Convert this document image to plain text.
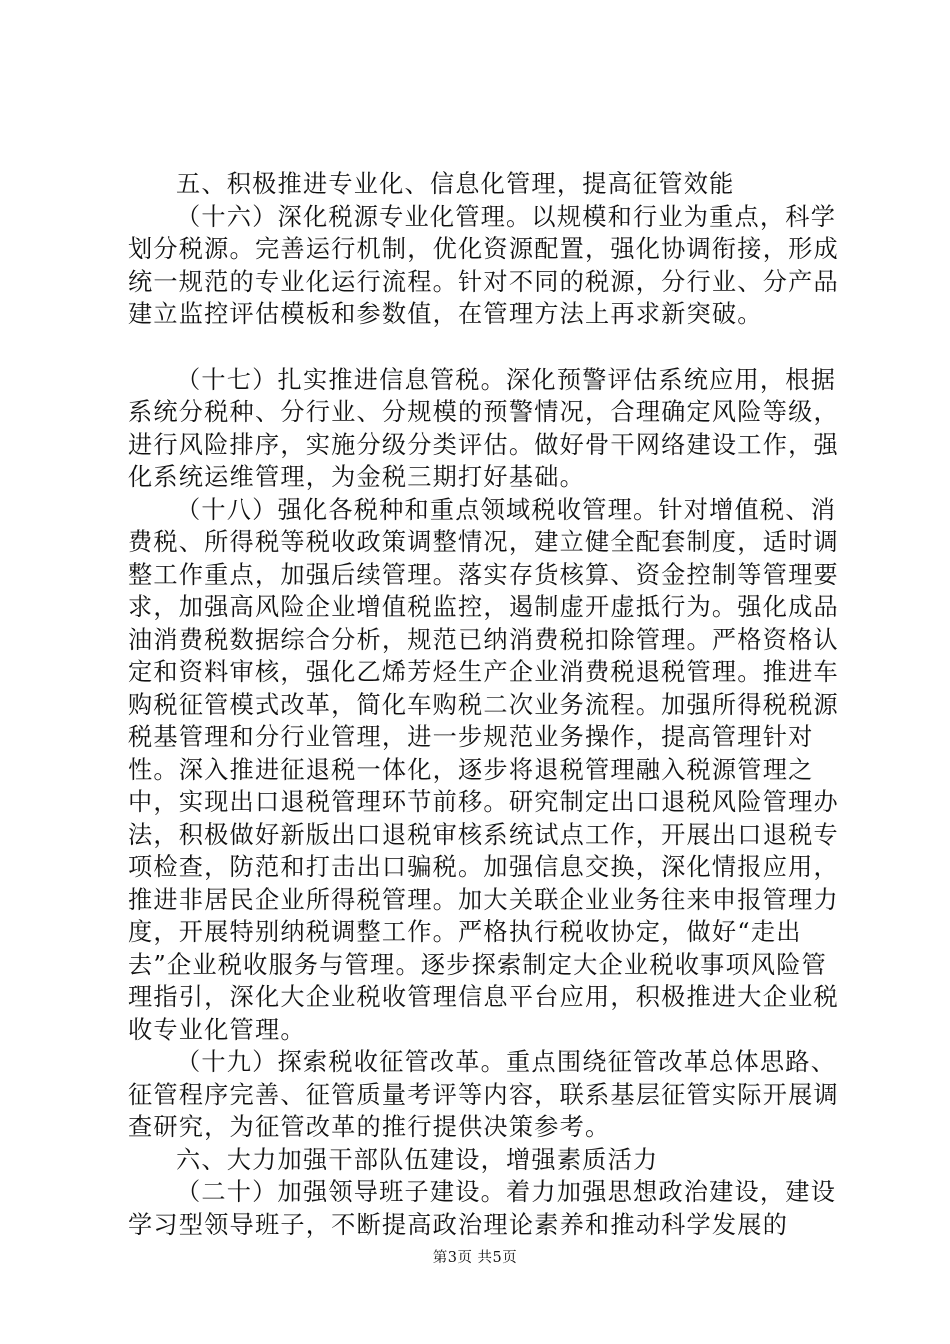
五、积极推进专业化、信息化管理，提高征管效能

（十六）深化税源专业化管理。以规模和行业为重点，科学划分税源。完善运行机制，优化资源配置，强化协调衔接，形成统一规范的专业化运行流程。针对不同的税源，分行业、分产品建立监控评估模板和参数值，在管理方法上再求新突破。

（十七）扎实推进信息管税。深化预警评估系统应用，根据系统分税种、分行业、分规模的预警情况，合理确定风险等级，进行风险排序，实施分级分类评估。做好骨干网络建设工作，强化系统运维管理，为金税三期打好基础。

（十八）强化各税种和重点领域税收管理。针对增值税、消费税、所得税等税收政策调整情况，建立健全配套制度，适时调整工作重点，加强后续管理。落实存货核算、资金控制等管理要求，加强高风险企业增值税监控，遏制虚开虚抵行为。强化成品油消费税数据综合分析，规范已纳消费税扣除管理。严格资格认定和资料审核，强化乙烯芳烃生产企业消费税退税管理。推进车购税征管模式改革，简化车购税二次业务流程。加强所得税税源税基管理和分行业管理，进一步规范业务操作，提高管理针对性。深入推进征退税一体化，逐步将退税管理融入税源管理之中，实现出口退税管理环节前移。研究制定出口退税风险管理办法，积极做好新版出口退税审核系统试点工作，开展出口退税专项检查，防范和打击出口骗税。加强信息交换，深化情报应用，推进非居民企业所得税管理。加大关联企业业务往来申报管理力度，开展特别纳税调整工作。严格执行税收协定，做好“走出去”企业税收服务与管理。逐步探索制定大企业税收事项风险管理指引，深化大企业税收管理信息平台应用，积极推进大企业税收专业化管理。

（十九）探索税收征管改革。重点围绕征管改革总体思路、征管程序完善、征管质量考评等内容，联系基层征管实际开展调查研究，为征管改革的推行提供决策参考。

六、大力加强干部队伍建设，增强素质活力

（二十）加强领导班子建设。着力加强思想政治建设，建设学习型领导班子，不断提高政治理论素养和推动科学发展的

第3页 共5页
